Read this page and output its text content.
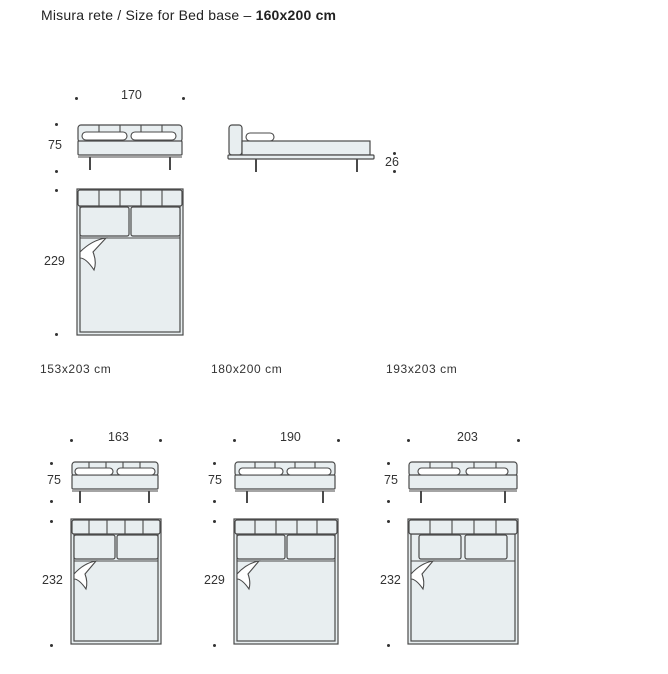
Misura rete / Size for Bed base – 160x200 cm
170
75
26
229
153x203 cm	180x200 cm	193x203 cm
163
75
232
190
75
229
203
75
232
